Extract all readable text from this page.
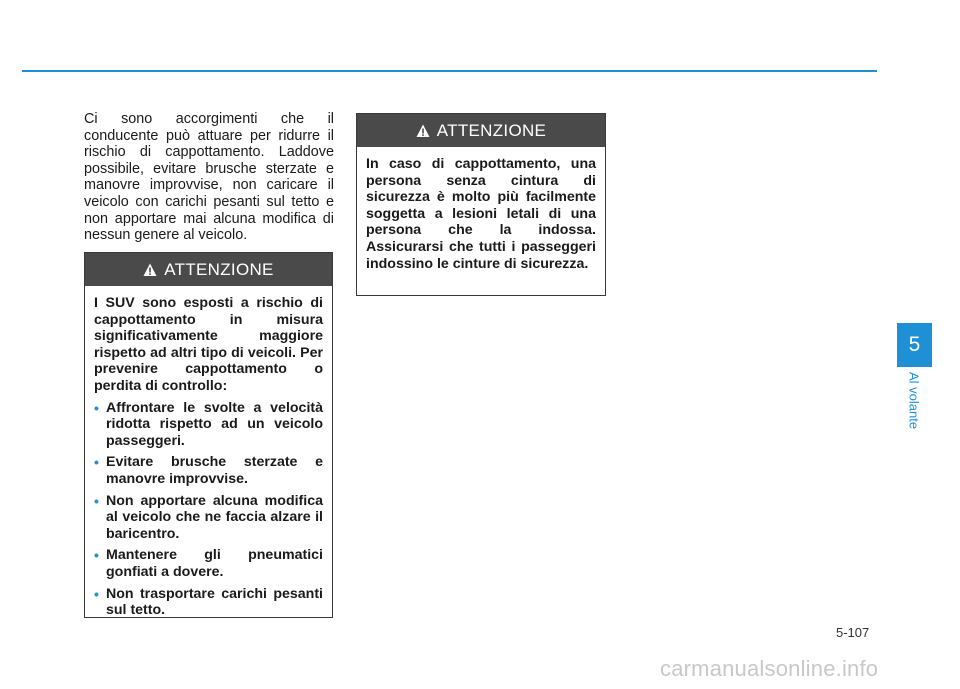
Ci sono accorgimenti che il conducente può attuare per ridurre il rischio di cappottamento. Laddove possibile, evitare brusche sterzate e manovre improvvise, non caricare il veicolo con carichi pesanti sul tetto e non apportare mai alcuna modifica di nessun genere al veicolo.

ATTENZIONE
I SUV sono esposti a rischio di cappottamento in misura significativamente maggiore rispetto ad altri tipo di veicoli. Per prevenire cappottamento o perdita di controllo:
• Affrontare le svolte a velocità ridotta rispetto ad un veicolo passeggeri.
• Evitare brusche sterzate e manovre improvvise.
• Non apportare alcuna modifica al veicolo che ne faccia alzare il baricentro.
• Mantenere gli pneumatici gonfiati a dovere.
• Non trasportare carichi pesanti sul tetto.
ATTENZIONE
In caso di cappottamento, una persona senza cintura di sicurezza è molto più facilmente soggetta a lesioni letali di una persona che la indossa. Assicurarsi che tutti i passeggeri indossino le cinture di sicurezza.
5
Al volante
5-107
carmanualsonline.info
